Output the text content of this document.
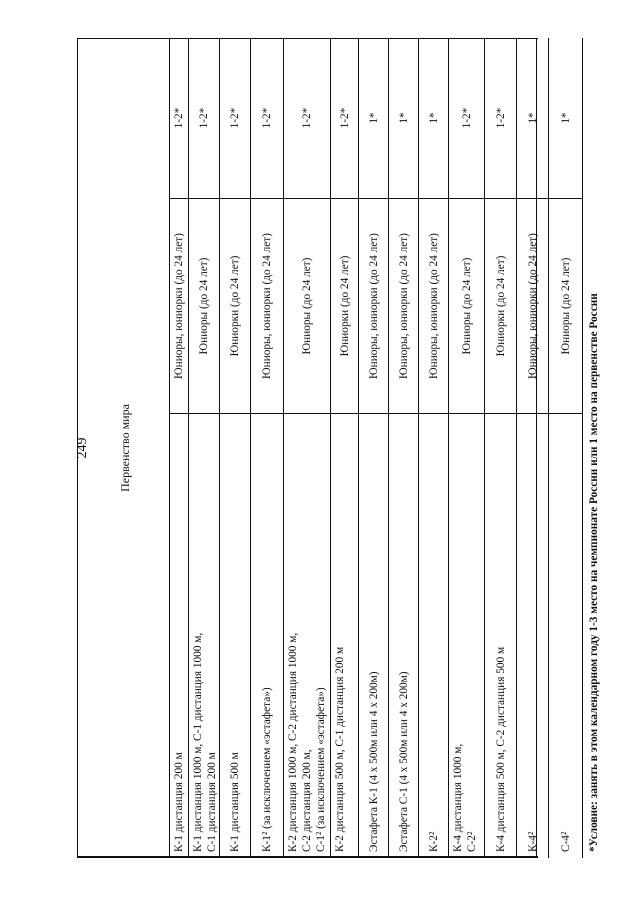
249	Первенство мира
К-1 дистанция 200 м
Юниоры, юниорки (до 24 лет)
1-2*
К-1 дистанция 1000 м, С-1 дистанция 1000 м,
С-1 дистанция 200 м
Юниоры (до 24 лет)
1-2*
К-1 дистанция 500 м
Юниорки (до 24 лет)
1-2*
К-1² (за исключением «эстафета»)
Юниоры, юниорки (до 24 лет)
1-2*
К-2 дистанция 1000 м, С-2 дистанция 1000 м,
С-2 дистанция 200 м,
С-1² (за исключением «эстафета»)
Юниоры (до 24 лет)
1-2*
К-2 дистанция 500 м, С-1 дистанция 200 м
Юниорки (до 24 лет)
1-2*
Эстафета К-1 (4 х 500м или 4 х 200м)
Юниоры, юниорки (до 24 лет)
1*
Эстафета С-1 (4 х 500м или 4 х 200м)
Юниоры, юниорки (до 24 лет)
1*
К-2²
Юниоры, юниорки (до 24 лет)
1*
К-4 дистанция 1000 м,
С-2²
Юниоры (до 24 лет)
1-2*
К-4 дистанция 500 м, С-2 дистанция 500 м
Юниорки (до 24 лет)
1-2*
К-4²
Юниоры, юниорки (до 24 лет)
1*
С-4²
Юниоры (до 24 лет)
1*
*Условие: занять в этом календарном году 1-3 место на чемпионате России или 1 место на первенстве России
